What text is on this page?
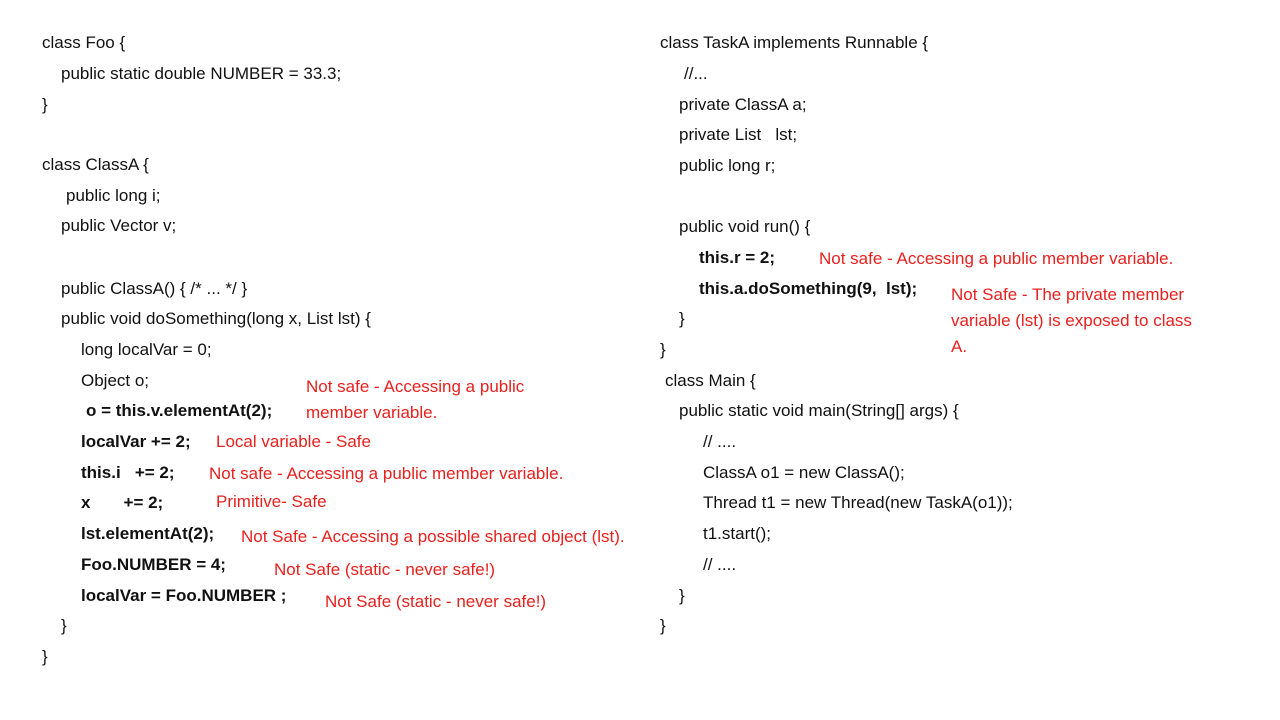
class Foo {
public static double NUMBER = 33.3;
}
class ClassA {
public long i;
public Vector v;
public ClassA() { /* ... */ }
public void doSomething(long x, List lst) {
long localVar = 0;
Object o;
o = this.v.elementAt(2);
localVar += 2;
this.i   += 2;
x       += 2;
lst.elementAt(2);
Foo.NUMBER = 4;
localVar = Foo.NUMBER ;
}
}
class TaskA implements Runnable {
//...
private ClassA a;
private List   lst;
public long r;
public void run() {
this.r = 2;
this.a.doSomething(9,  lst);
}
}
class Main {
public static void main(String[] args) {
// ....
ClassA o1 = new ClassA();
Thread t1 = new Thread(new TaskA(o1));
t1.start();
// ....
}
}
Not safe - Accessing a public
member variable.
Local variable - Safe
Not safe - Accessing a public member variable.
Primitive- Safe
Not Safe - Accessing a possible shared object (lst).
Not Safe (static - never safe!)
Not Safe (static - never safe!)
Not safe - Accessing a public member variable.
Not Safe - The private member
variable (lst) is exposed to class
A.
